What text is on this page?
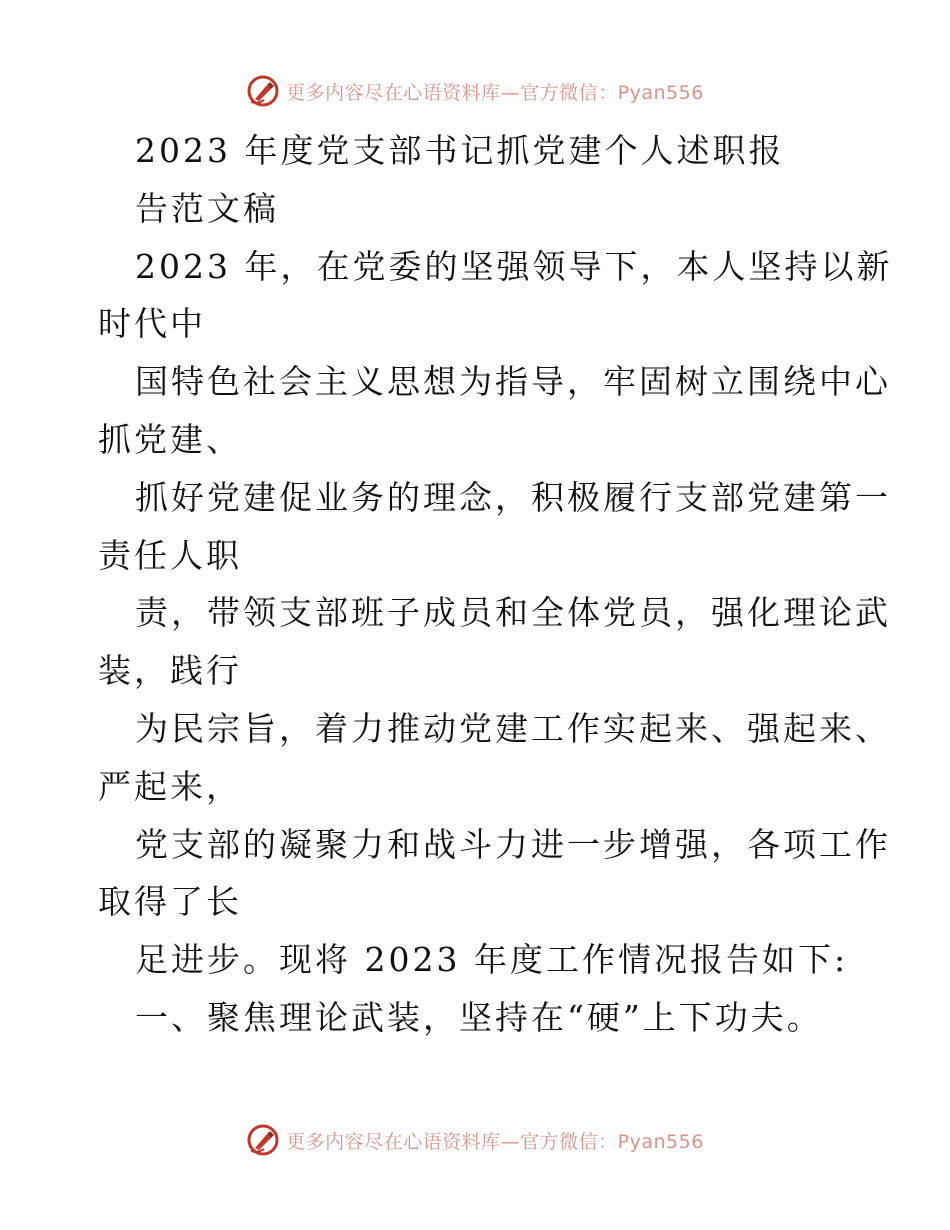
更多内容尽在心语资料库—官方微信：Pyan556
2023 年度党支部书记抓党建个人述职报
告范文稿
2023 年，在党委的坚强领导下，本人坚持以新
时代中
国特色社会主义思想为指导，牢固树立围绕中心
抓党建、
抓好党建促业务的理念，积极履行支部党建第一
责任人职
责，带领支部班子成员和全体党员，强化理论武
装，践行
为民宗旨，着力推动党建工作实起来、强起来、
严起来，
党支部的凝聚力和战斗力进一步增强，各项工作
取得了长
足进步。现将 2023 年度工作情况报告如下:
一、聚焦理论武装，坚持在“硬”上下功夫。
更多内容尽在心语资料库—官方微信：Pyan556
